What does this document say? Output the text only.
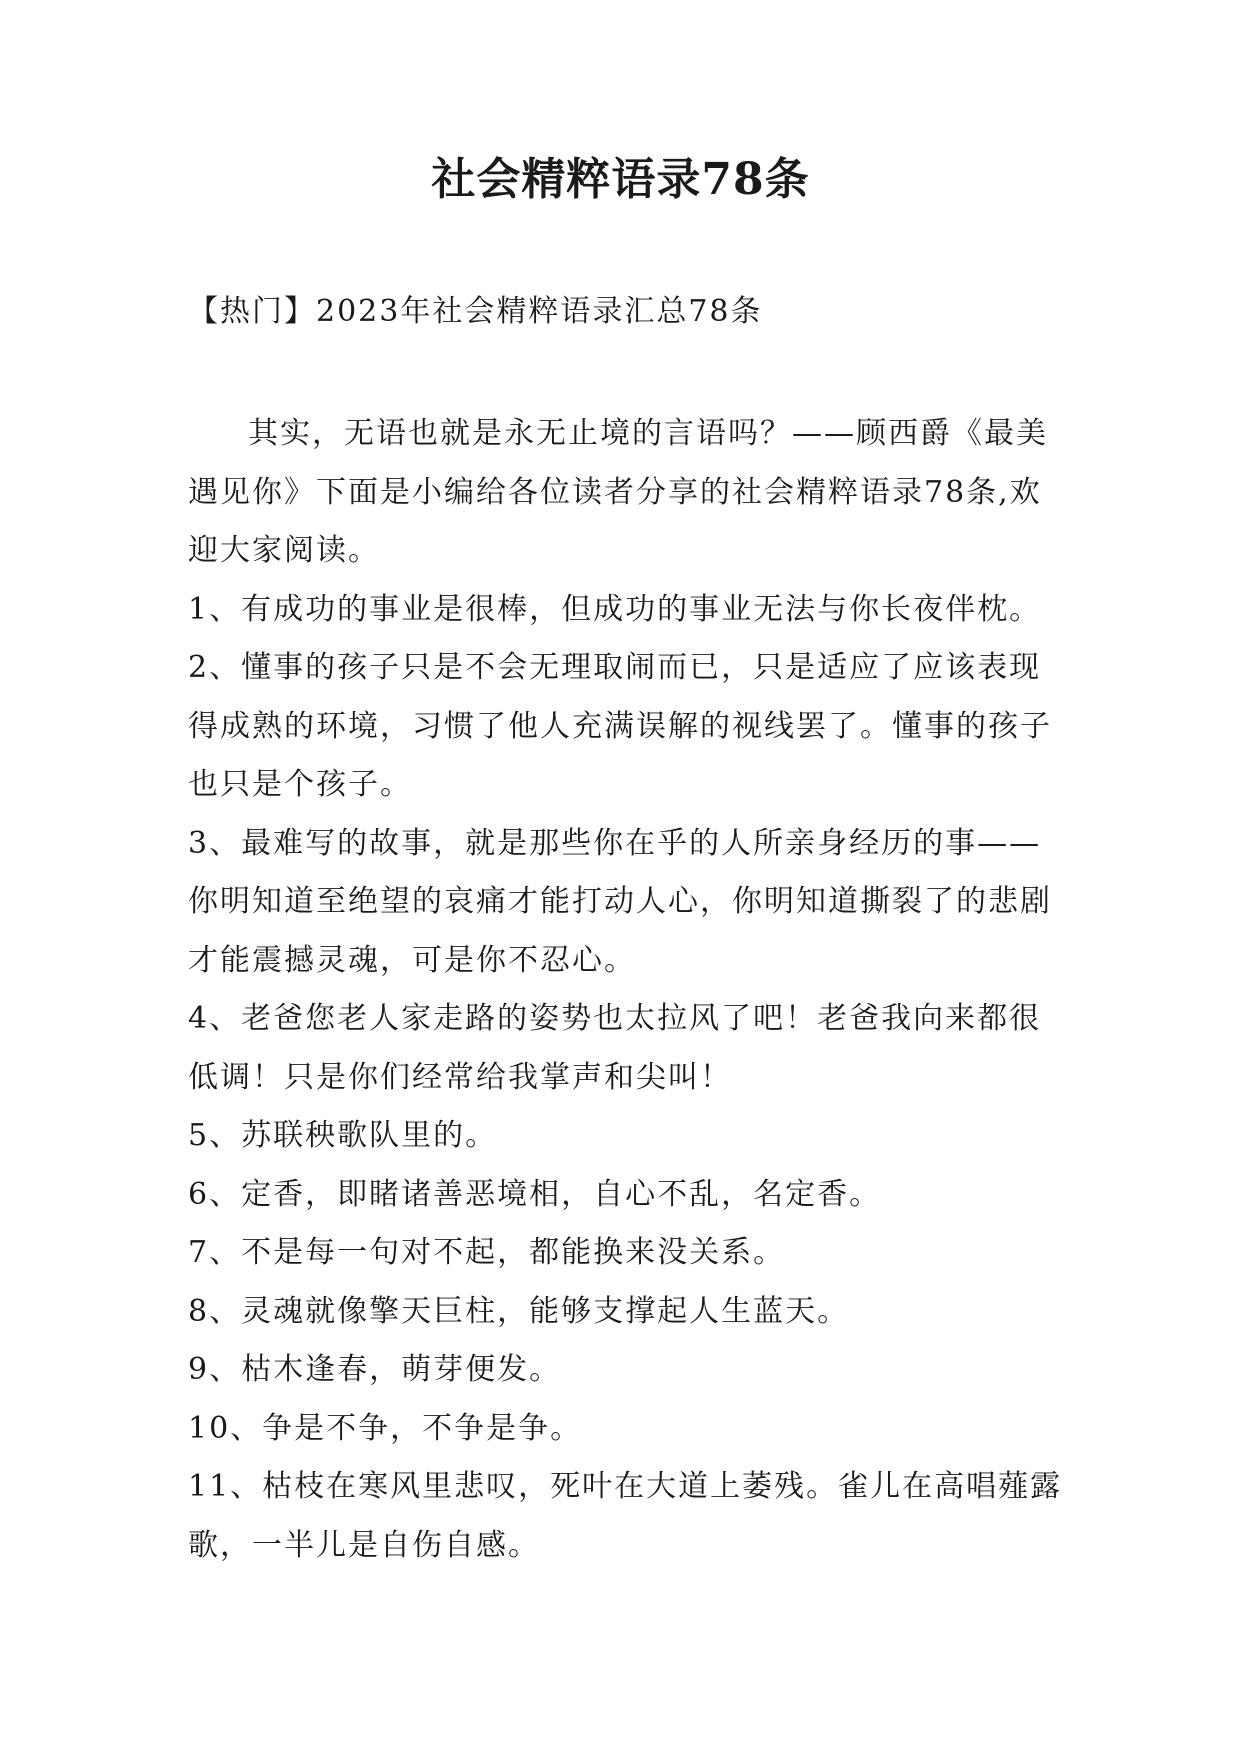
社会精粹语录78条
【热门】2023年社会精粹语录汇总78条

其实，无语也就是永无止境的言语吗？——顾西爵《最美遇见你》下面是小编给各位读者分享的社会精粹语录78条,欢迎大家阅读。

1、有成功的事业是很棒，但成功的事业无法与你长夜伴枕。

2、懂事的孩子只是不会无理取闹而已，只是适应了应该表现得成熟的环境，习惯了他人充满误解的视线罢了。懂事的孩子也只是个孩子。

3、最难写的故事，就是那些你在乎的人所亲身经历的事——你明知道至绝望的哀痛才能打动人心，你明知道撕裂了的悲剧才能震撼灵魂，可是你不忍心。

4、老爸您老人家走路的姿势也太拉风了吧！老爸我向来都很低调！只是你们经常给我掌声和尖叫！

5、苏联秧歌队里的。

6、定香，即睹诸善恶境相，自心不乱，名定香。

7、不是每一句对不起，都能换来没关系。

8、灵魂就像擎天巨柱，能够支撑起人生蓝天。

9、枯木逢春，萌芽便发。

10、争是不争，不争是争。

11、枯枝在寒风里悲叹，死叶在大道上萎残。雀儿在高唱薤露歌，一半儿是自伤自感。
